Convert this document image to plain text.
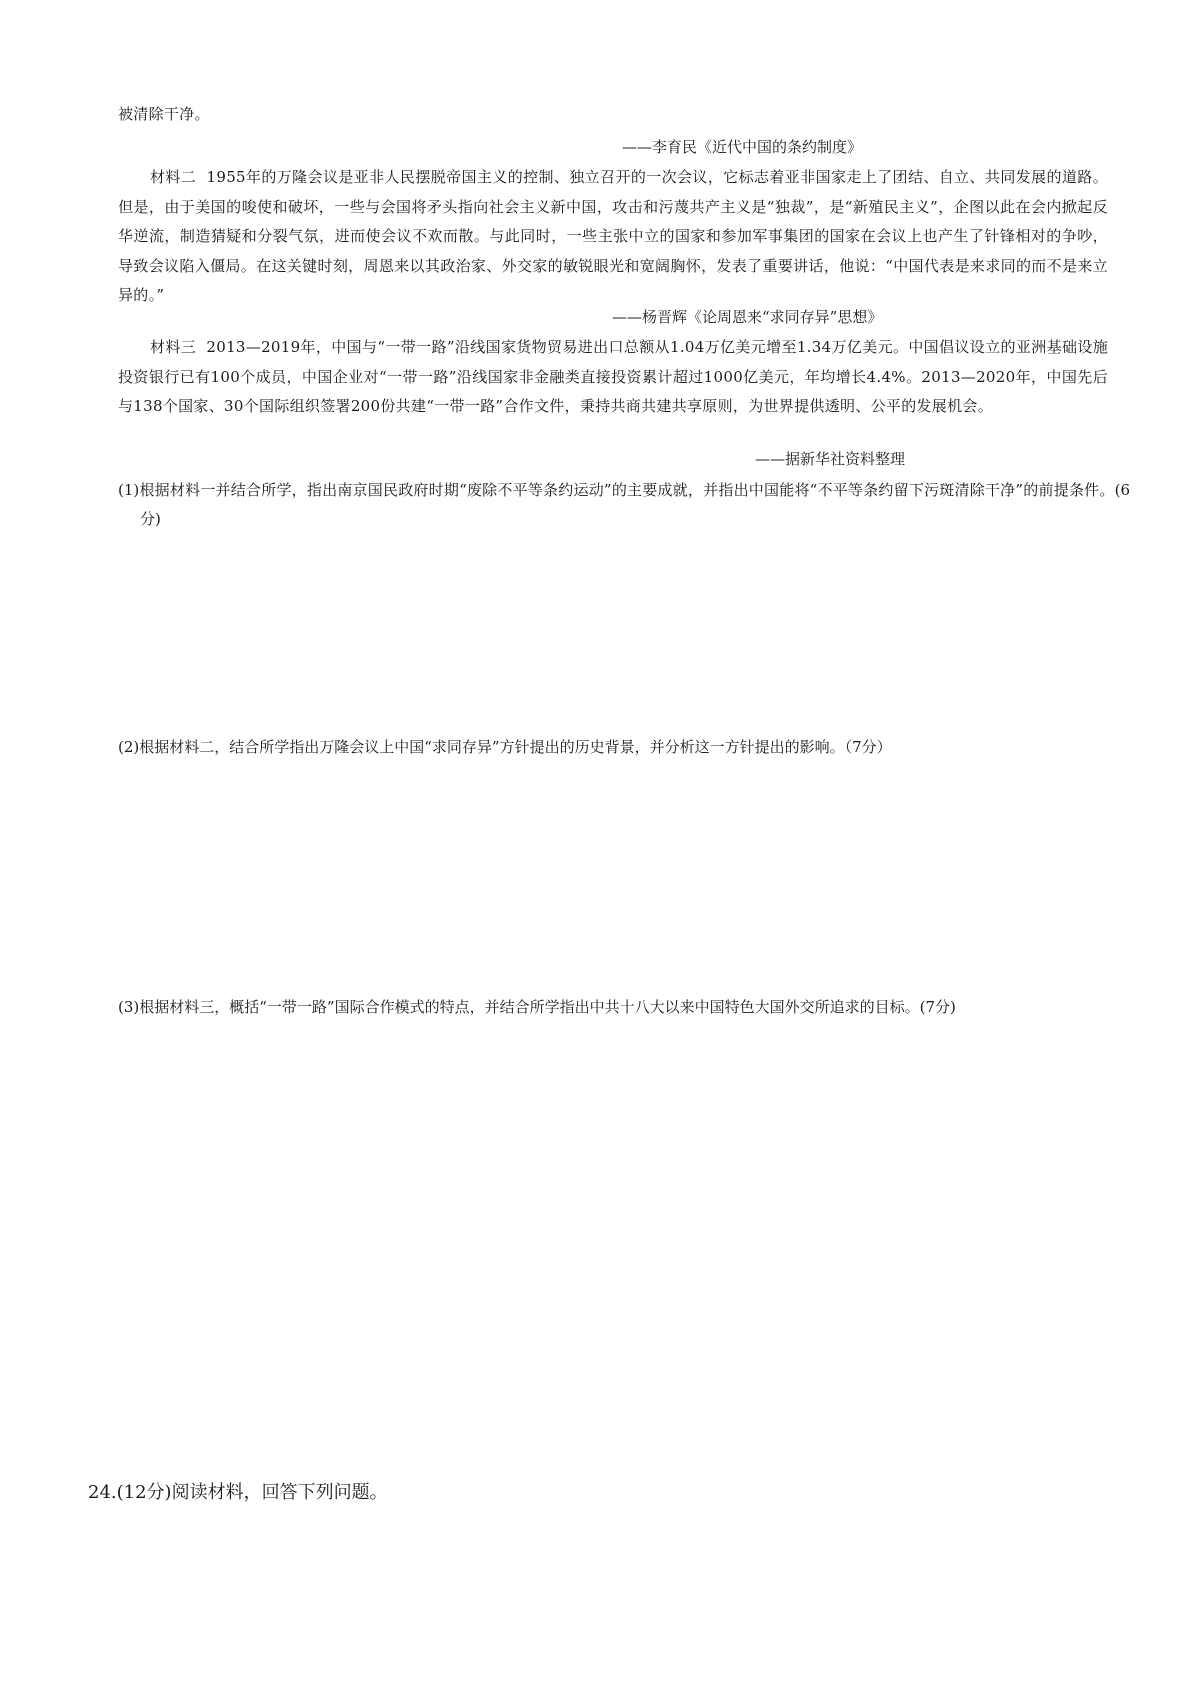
被清除干净。
——李育民《近代中国的条约制度》
材料二 1955年的万隆会议是亚非人民摆脱帝国主义的控制、独立召开的一次会议，它标志着亚非国家走上了团结、自立、共同发展的道路。但是，由于美国的唆使和破坏，一些与会国将矛头指向社会主义新中国，攻击和污蔑共产主义是“独裁”，是“新殖民主义”，企图以此在会内掀起反华逆流，制造猜疑和分裂气氛，进而使会议不欢而散。与此同时，一些主张中立的国家和参加军事集团的国家在会议上也产生了针锋相对的争吵，导致会议陷入僵局。在这关键时刻，周恩来以其政治家、外交家的敏锐眼光和宽阔胸怀，发表了重要讲话，他说：“中国代表是来求同的而不是来立异的。”
——杨晋辉《论周恩来“求同存异”思想》
材料三 2013—2019年，中国与“一带一路”沿线国家货物贸易进出口总额从1.04万亿美元增至1.34万亿美元。中国倡议设立的亚洲基础设施投资银行已有100个成员，中国企业对“一带一路”沿线国家非金融类直接投资累计超过1000亿美元，年均增长4.4%。2013—2020年，中国先后与138个国家、30个国际组织签署200份共建“一带一路”合作文件，秉持共商共建共享原则，为世界提供透明、公平的发展机会。
——据新华社资料整理
(1)根据材料一并结合所学，指出南京国民政府时期“废除不平等条约运动”的主要成就，并指出中国能将“不平等条约留下污斑清除干净”的前提条件。(6分)
(2)根据材料二，结合所学指出万隆会议上中国“求同存异”方针提出的历史背景，并分析这一方针提出的影响。（7分）
(3)根据材料三，概括“一带一路”国际合作模式的特点，并结合所学指出中共十八大以来中国特色大国外交所追求的目标。(7分)
24.(12分)阅读材料，回答下列问题。
